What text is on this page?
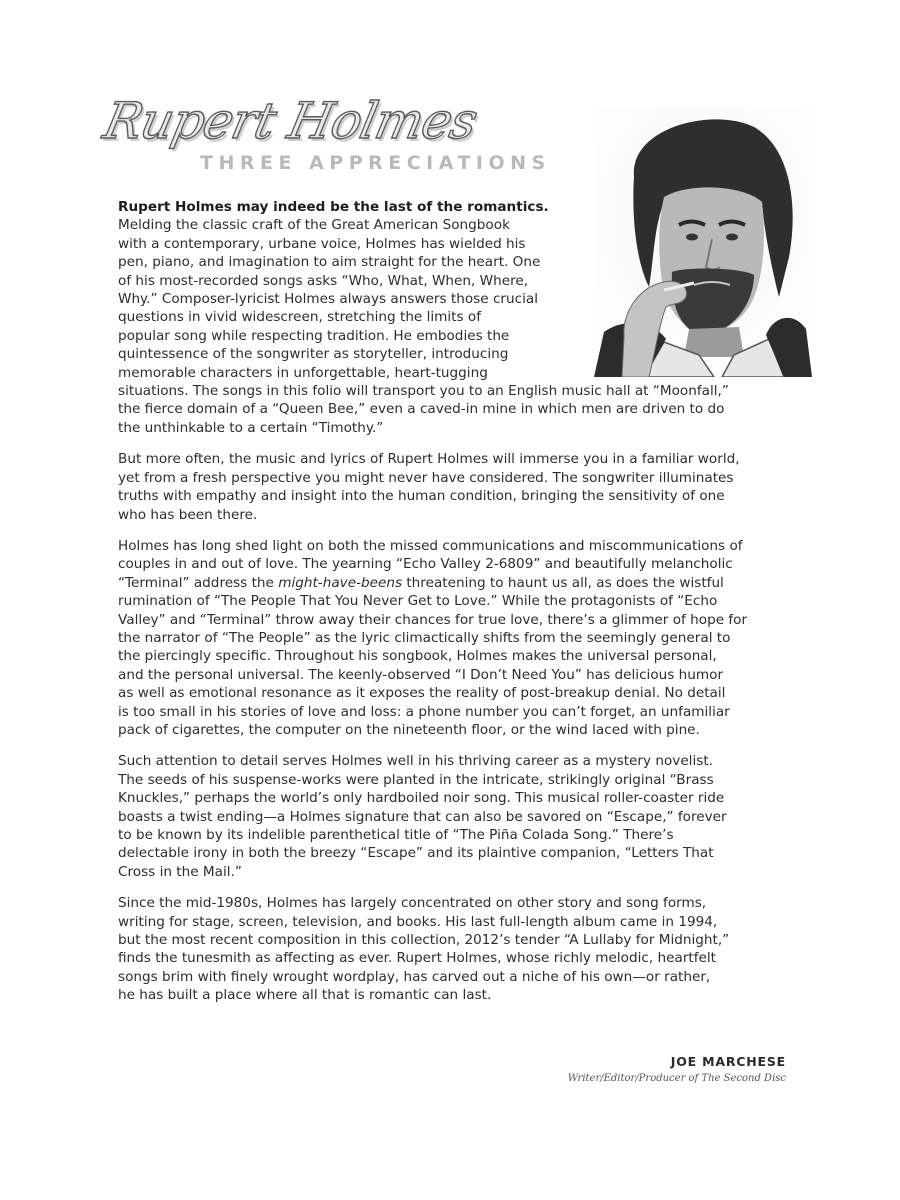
Rupert Holmes
THREE APPRECIATIONS
Rupert Holmes may indeed be the last of the romantics.
Melding the classic craft of the Great American Songbook
with a contemporary, urbane voice, Holmes has wielded his
pen, piano, and imagination to aim straight for the heart. One
of his most-recorded songs asks “Who, What, When, Where,
Why.” Composer-lyricist Holmes always answers those crucial
questions in vivid widescreen, stretching the limits of
popular song while respecting tradition. He embodies the
quintessence of the songwriter as storyteller, introducing
memorable characters in unforgettable, heart-tugging
situations. The songs in this folio will transport you to an English music hall at “Moonfall,”
the fierce domain of a “Queen Bee,” even a caved-in mine in which men are driven to do
the unthinkable to a certain “Timothy.”
But more often, the music and lyrics of Rupert Holmes will immerse you in a familiar world,
yet from a fresh perspective you might never have considered. The songwriter illuminates
truths with empathy and insight into the human condition, bringing the sensitivity of one
who has been there.
Holmes has long shed light on both the missed communications and miscommunications of
couples in and out of love. The yearning “Echo Valley 2-6809” and beautifully melancholic
“Terminal” address the might-have-beens threatening to haunt us all, as does the wistful
rumination of “The People That You Never Get to Love.” While the protagonists of “Echo
Valley” and “Terminal” throw away their chances for true love, there’s a glimmer of hope for
the narrator of “The People” as the lyric climactically shifts from the seemingly general to
the piercingly specific. Throughout his songbook, Holmes makes the universal personal,
and the personal universal. The keenly-observed “I Don’t Need You” has delicious humor
as well as emotional resonance as it exposes the reality of post-breakup denial. No detail
is too small in his stories of love and loss: a phone number you can’t forget, an unfamiliar
pack of cigarettes, the computer on the nineteenth floor, or the wind laced with pine.
Such attention to detail serves Holmes well in his thriving career as a mystery novelist.
The seeds of his suspense-works were planted in the intricate, strikingly original “Brass
Knuckles,” perhaps the world’s only hardboiled noir song. This musical roller-coaster ride
boasts a twist ending—a Holmes signature that can also be savored on “Escape,” forever
to be known by its indelible parenthetical title of “The Piña Colada Song.” There’s
delectable irony in both the breezy “Escape” and its plaintive companion, “Letters That
Cross in the Mail.”
Since the mid-1980s, Holmes has largely concentrated on other story and song forms,
writing for stage, screen, television, and books. His last full-length album came in 1994,
but the most recent composition in this collection, 2012’s tender “A Lullaby for Midnight,”
finds the tunesmith as affecting as ever. Rupert Holmes, whose richly melodic, heartfelt
songs brim with finely wrought wordplay, has carved out a niche of his own—or rather,
he has built a place where all that is romantic can last.
JOE MARCHESE
Writer/Editor/Producer of The Second Disc
